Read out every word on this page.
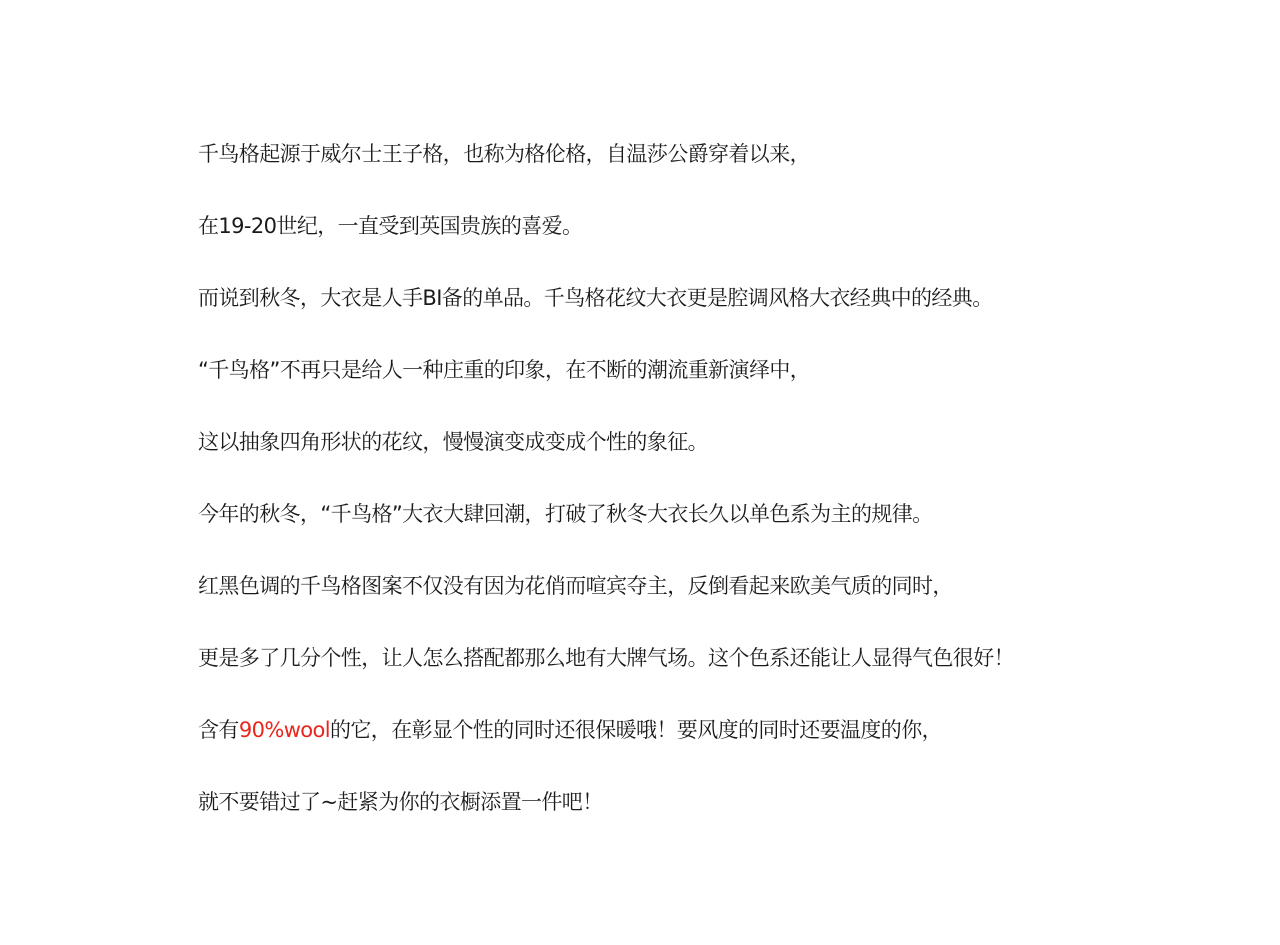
千鸟格起源于威尔士王子格，也称为格伦格，自温莎公爵穿着以来，

在19-20世纪，一直受到英国贵族的喜爱。

而说到秋冬，大衣是人手BI备的单品。千鸟格花纹大衣更是腔调风格大衣经典中的经典。

“千鸟格”不再只是给人一种庄重的印象，在不断的潮流重新演绎中，

这以抽象四角形状的花纹，慢慢演变成变成个性的象征。

今年的秋冬，“千鸟格”大衣大肆回潮，打破了秋冬大衣长久以单色系为主的规律。

红黑色调的千鸟格图案不仅没有因为花俏而喧宾夺主，反倒看起来欧美气质的同时，

更是多了几分个性，让人怎么搭配都那么地有大牌气场。这个色系还能让人显得气色很好！

含有90%wool的它，在彰显个性的同时还很保暖哦！要风度的同时还要温度的你，

就不要错过了~赶紧为你的衣橱添置一件吧！
